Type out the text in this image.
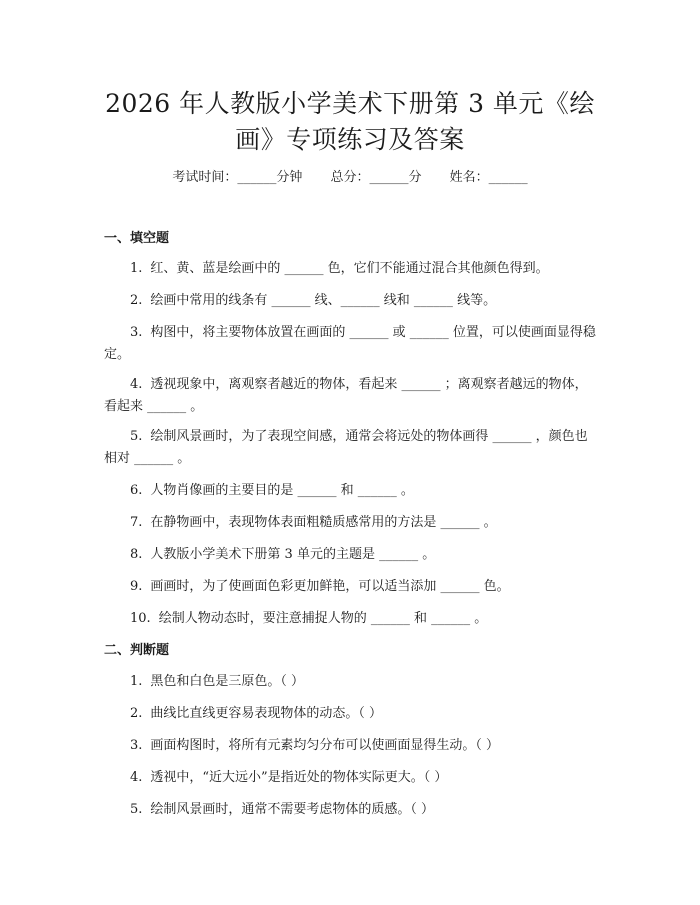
2026 年人教版小学美术下册第 3 单元《绘
画》专项练习及答案
考试时间：______分钟 总分：______分 姓名：______
一、填空题
1. 红、黄、蓝是绘画中的 ______ 色，它们不能通过混合其他颜色得到。
2. 绘画中常用的线条有 ______ 线、______ 线和 ______ 线等。
3. 构图中，将主要物体放置在画面的 ______ 或 ______ 位置，可以使画面显得稳定。
4. 透视现象中，离观察者越近的物体，看起来 ______ ；离观察者越远的物体，看起来 ______ 。
5. 绘制风景画时，为了表现空间感，通常会将远处的物体画得 ______ ，颜色也相对 ______ 。
6. 人物肖像画的主要目的是 ______ 和 ______ 。
7. 在静物画中，表现物体表面粗糙质感常用的方法是 ______ 。
8. 人教版小学美术下册第 3 单元的主题是 ______ 。
9. 画画时，为了使画面色彩更加鲜艳，可以适当添加 ______ 色。
10. 绘制人物动态时，要注意捕捉人物的 ______ 和 ______ 。
二、判断题
1. 黑色和白色是三原色。（ ）
2. 曲线比直线更容易表现物体的动态。（ ）
3. 画面构图时，将所有元素均匀分布可以使画面显得生动。（ ）
4. 透视中，“近大远小”是指近处的物体实际更大。（ ）
5. 绘制风景画时，通常不需要考虑物体的质感。（ ）
